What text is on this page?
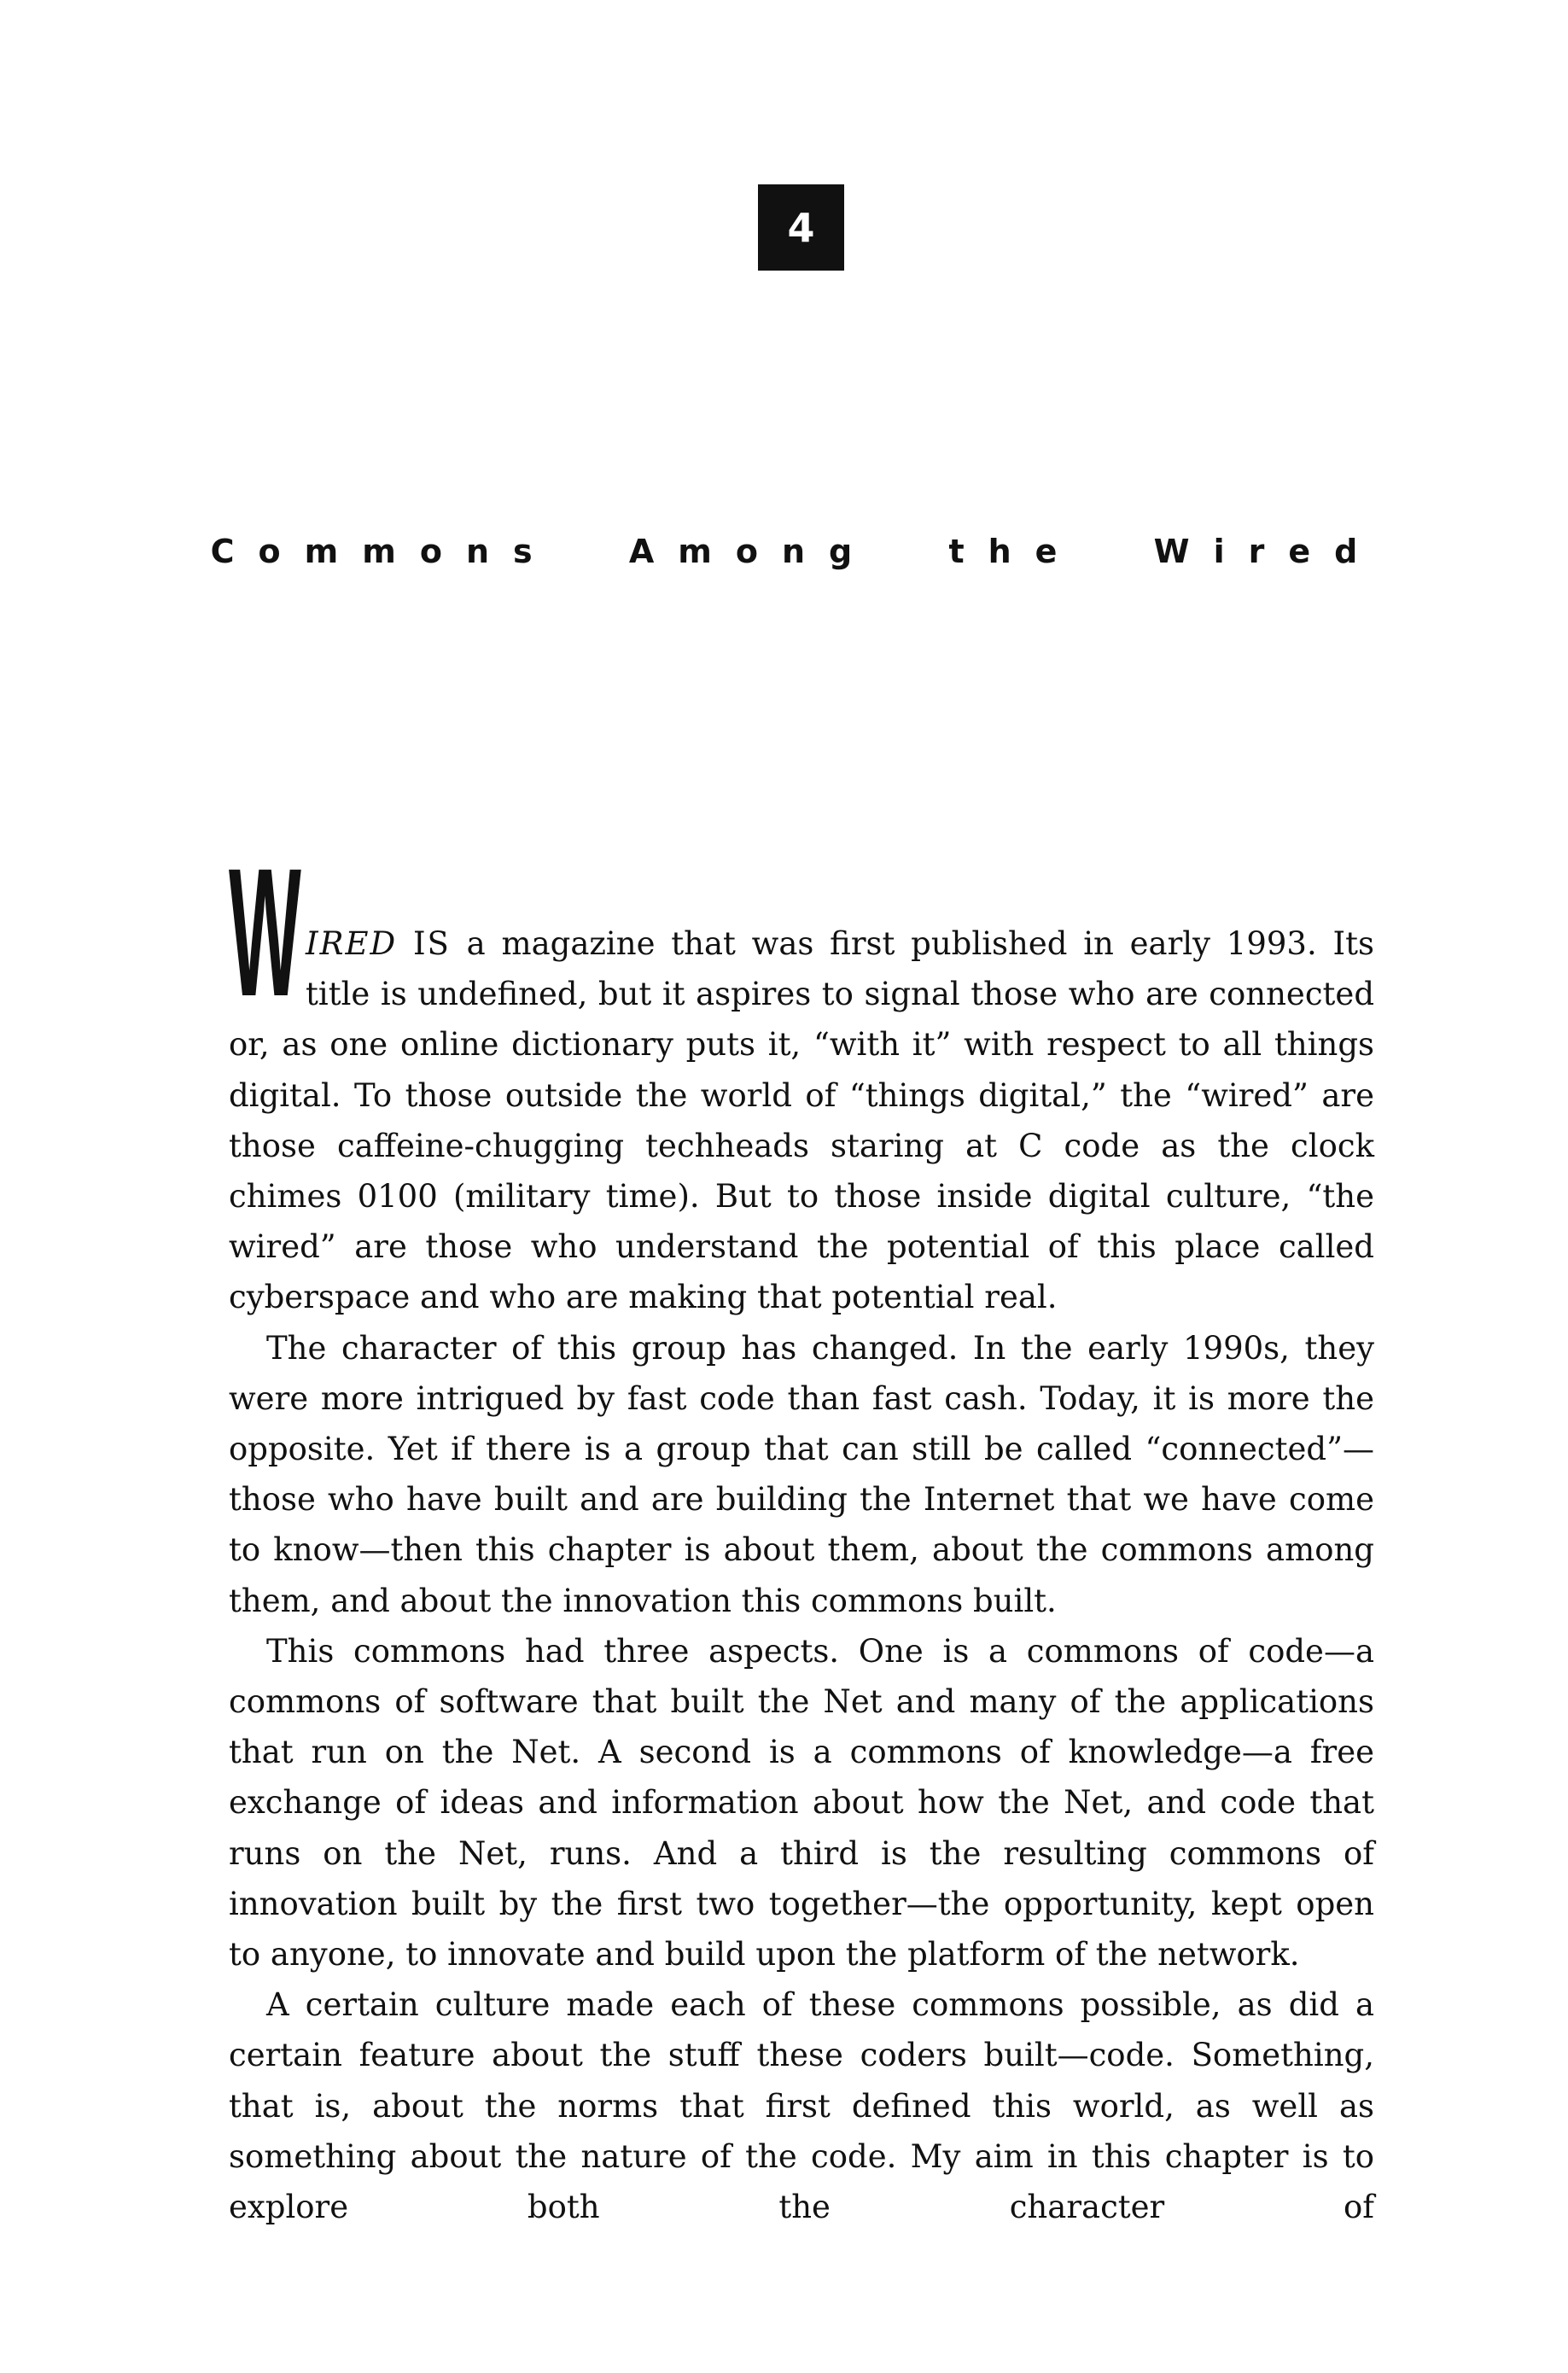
4
Commons Among the Wired

WIRED IS a magazine that was first published in early 1993. Its title is undefined, but it aspires to signal those who are connected or, as one online dictionary puts it, “with it” with respect to all things digital. To those outside the world of “things digital,” the “wired” are those caffeine-chugging techheads staring at C code as the clock chimes 0100 (military time). But to those inside digital culture, “the wired” are those who understand the potential of this place called cyberspace and who are making that potential real.

The character of this group has changed. In the early 1990s, they were more intrigued by fast code than fast cash. Today, it is more the opposite. Yet if there is a group that can still be called “connected”—those who have built and are building the Internet that we have come to know—then this chapter is about them, about the commons among them, and about the innovation this commons built.

This commons had three aspects. One is a commons of code—a commons of software that built the Net and many of the applications that run on the Net. A second is a commons of knowledge—a free exchange of ideas and information about how the Net, and code that runs on the Net, runs. And a third is the resulting commons of innovation built by the first two together—the opportunity, kept open to anyone, to innovate and build upon the platform of the network.

A certain culture made each of these commons possible, as did a certain feature about the stuff these coders built—code. Something, that is, about the norms that first defined this world, as well as something about the nature of the code. My aim in this chapter is to explore both the character of
